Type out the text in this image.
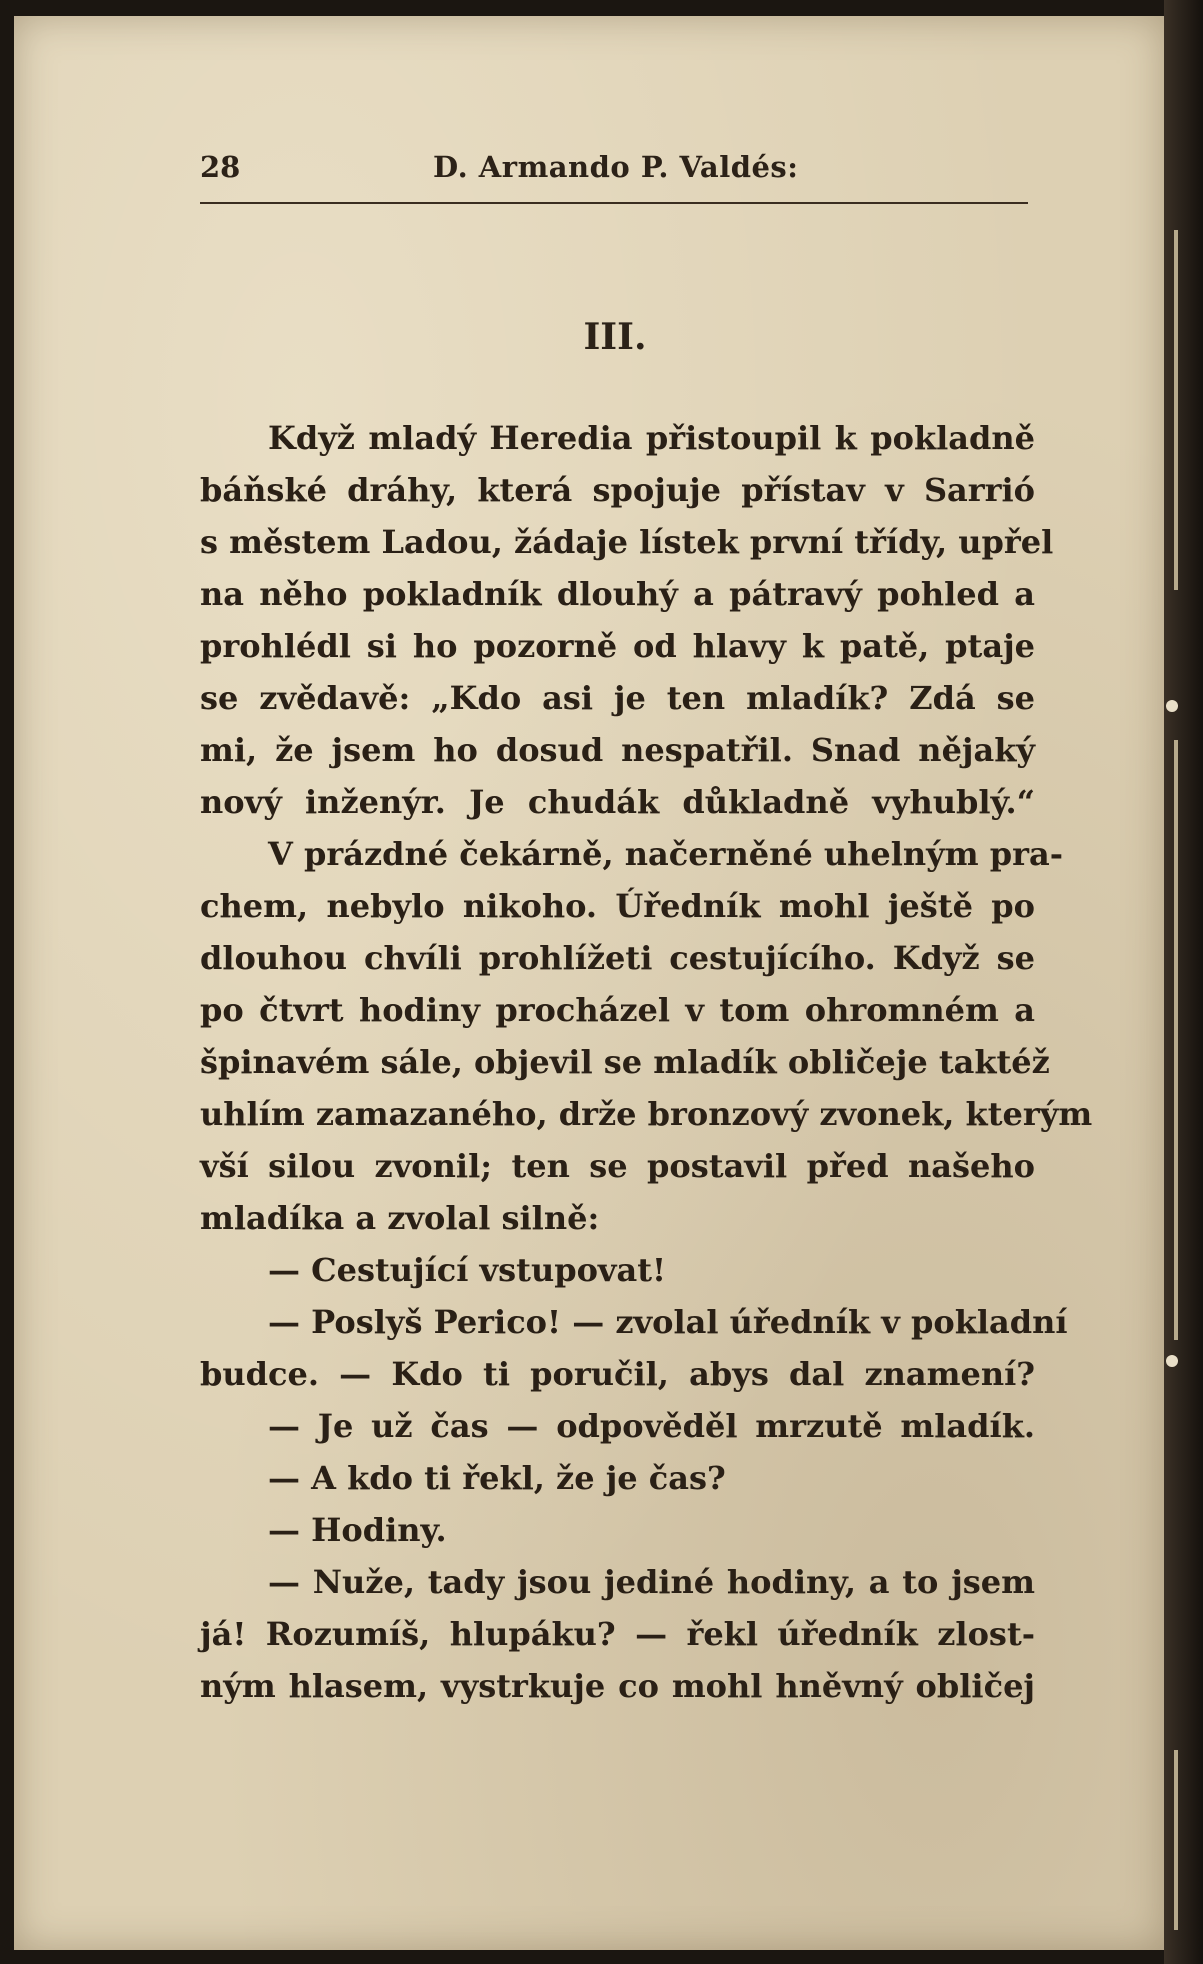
28	D. Armando P. Valdés:
III.
Když mladý Heredia přistoupil k pokladně
báňské dráhy, která spojuje přístav v Sarrió
s městem Ladou, žádaje lístek první třídy, upřel
na něho pokladník dlouhý a pátravý pohled a
prohlédl si ho pozorně od hlavy k patě, ptaje
se zvědavě: „Kdo asi je ten mladík? Zdá se
mi, že jsem ho dosud nespatřil. Snad nějaký
nový inženýr. Je chudák důkladně vyhublý.“
V prázdné čekárně, načerněné uhelným pra-
chem, nebylo nikoho. Úředník mohl ještě po
dlouhou chvíli prohlížeti cestujícího. Když se
po čtvrt hodiny procházel v tom ohromném a
špinavém sále, objevil se mladík obličeje taktéž
uhlím zamazaného, drže bronzový zvonek, kterým
vší silou zvonil; ten se postavil před našeho
mladíka a zvolal silně:
— Cestující vstupovat!
— Poslyš Perico! — zvolal úředník v pokladní
budce. — Kdo ti poručil, abys dal znamení?
— Je už čas — odpověděl mrzutě mladík.
— A kdo ti řekl, že je čas?
— Hodiny.
— Nuže, tady jsou jediné hodiny, a to jsem
já! Rozumíš, hlupáku? — řekl úředník zlost-
ným hlasem, vystrkuje co mohl hněvný obličej
